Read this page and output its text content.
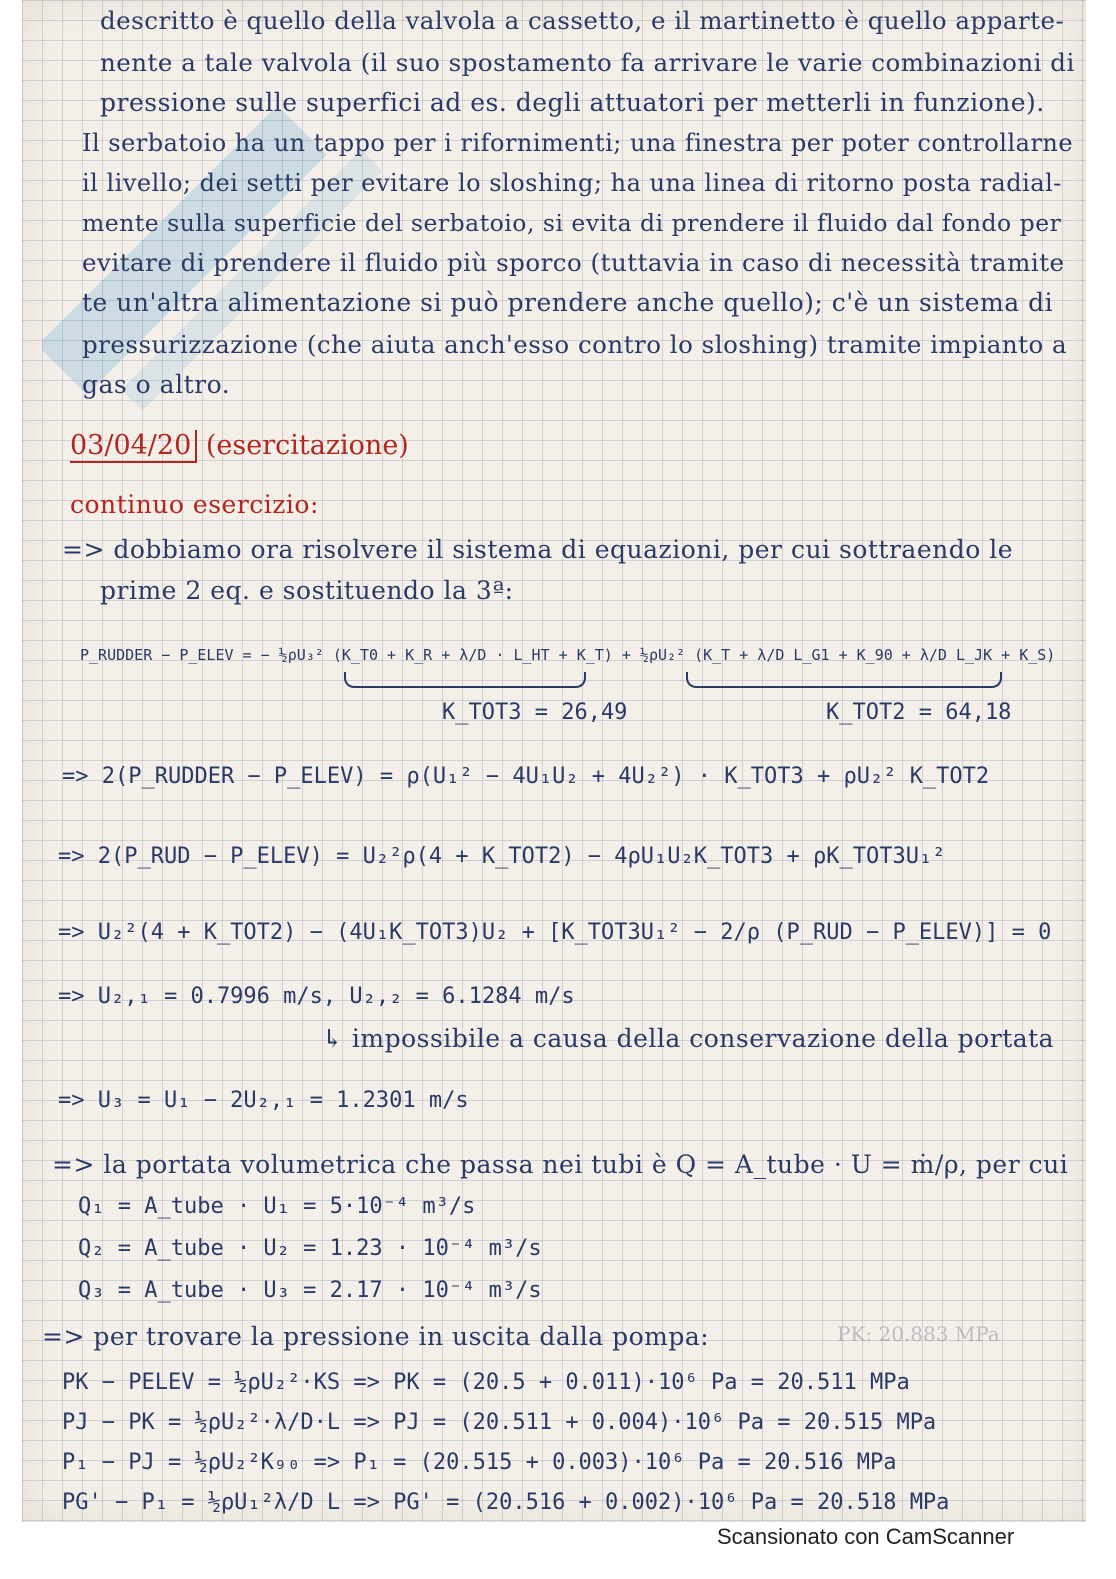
descritto è quello della valvola a cassetto, e il martinetto è quello apparte-
nente a tale valvola (il suo spostamento fa arrivare le varie combinazioni di
pressione sulle superfici ad es. degli attuatori per metterli in funzione).
Il serbatoio ha un tappo per i rifornimenti; una finestra per poter controllarne
il livello; dei setti per evitare lo sloshing; ha una linea di ritorno posta radial-
mente sulla superficie del serbatoio, si evita di prendere il fluido dal fondo per
evitare di prendere il fluido più sporco (tuttavia in caso di necessità tramite
te un'altra alimentazione si può prendere anche quello); c'è un sistema di
pressurizzazione (che aiuta anch'esso contro lo sloshing) tramite impianto a
gas o altro.
03/04/20 (esercitazione)
continuo esercizio:
=> dobbiamo ora risolvere il sistema di equazioni, per cui sottraendo le
prime 2 eq. e sostituendo la 3ª:
P_RUDDER − P_ELEV = − ½ρU₃² (K_T0 + K_R + λ/D · L_HT + K_T) + ½ρU₂² (K_T + λ/D L_G1 + K_90 + λ/D L_JK + K_S)
K_TOT3 = 26,49	K_TOT2 = 64,18
=> 2(P_RUDDER − P_ELEV) = ρ(U₁² − 4U₁U₂ + 4U₂²) · K_TOT3 + ρU₂² K_TOT2
=> 2(P_RUD − P_ELEV) = U₂²ρ(4 + K_TOT2) − 4ρU₁U₂K_TOT3 + ρK_TOT3U₁²
=> U₂²(4 + K_TOT2) − (4U₁K_TOT3)U₂ + [K_TOT3U₁² − 2/ρ (P_RUD − P_ELEV)] = 0
=> U₂,₁ = 0.7996 m/s, U₂,₂ = 6.1284 m/s
↳ impossibile a causa della conservazione della portata
=> U₃ = U₁ − 2U₂,₁ = 1.2301 m/s
=> la portata volumetrica che passa nei tubi è Q = A_tube · U = ṁ/ρ, per cui
Q₁ = A_tube · U₁ = 5·10⁻⁴ m³/s
Q₂ = A_tube · U₂ = 1.23 · 10⁻⁴ m³/s
Q₃ = A_tube · U₃ = 2.17 · 10⁻⁴ m³/s
=> per trovare la pressione in uscita dalla pompa:	PK: 20.883 MPa
PK − PELEV = ½ρU₂²·KS => PK = (20.5 + 0.011)·10⁶ Pa = 20.511 MPa
PJ − PK = ½ρU₂²·λ/D·L => PJ = (20.511 + 0.004)·10⁶ Pa = 20.515 MPa
P₁ − PJ = ½ρU₂²K₉₀ => P₁ = (20.515 + 0.003)·10⁶ Pa = 20.516 MPa
PG' − P₁ = ½ρU₁²λ/D L => PG' = (20.516 + 0.002)·10⁶ Pa = 20.518 MPa
Scansionato con CamScanner
